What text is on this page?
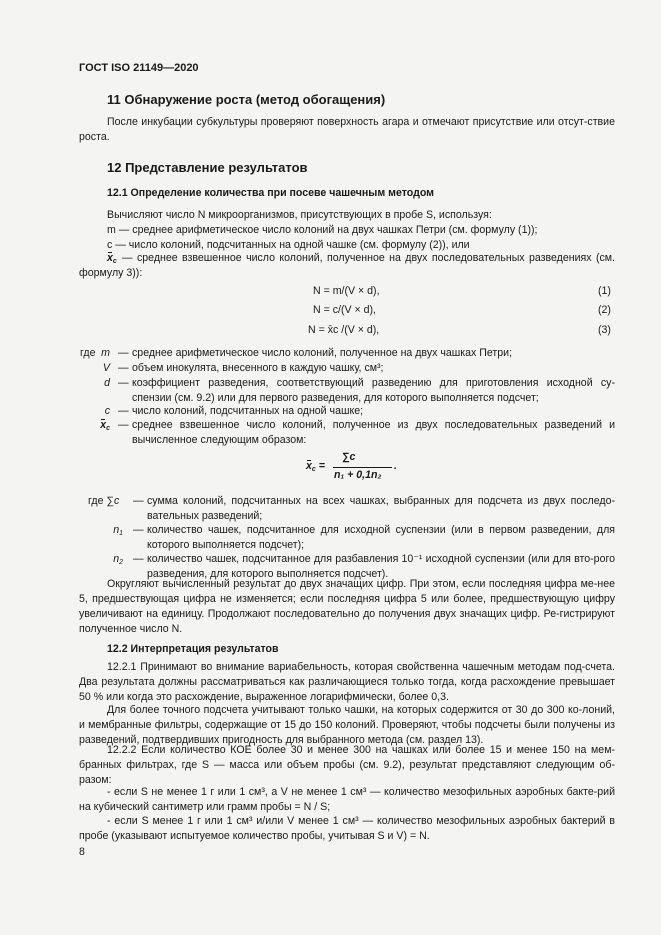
ГОСТ ISO 21149—2020
11 Обнаружение роста (метод обогащения)
После инкубации субкультуры проверяют поверхность агара и отмечают присутствие или отсут-ствие роста.
12 Представление результатов
12.1 Определение количества при посеве чашечным методом
Вычисляют число N микроорганизмов, присутствующих в пробе S, используя:
m — среднее арифметическое число колоний на двух чашках Петри (см. формулу (1));
c — число колоний, подсчитанных на одной чашке (см. формулу (2)), или
$x_c$ — среднее взвешенное число колоний, полученное на двух последовательных разведениях (см. формулу 3)):
N = m/(V × d),	(1)
N = c/(V × d),	(2)
N = x̄c /(V × d),	(3)
где m — среднее арифметическое число колоний, полученное на двух чашках Петри;
V — объем инокулята, внесенного в каждую чашку, см³;
d — коэффициент разведения, соответствующий разведению для приготовления исходной су-спензии (см. 9.2) или для первого разведения, для которого выполняется подсчет;
c — число колоний, подсчитанных на одной чашке;
$x_c$ — среднее взвешенное число колоний, полученное из двух последовательных разведений и вычисленное следующим образом:
$x_c$ =
∑c
n₁ + 0,1n₂
.
где ∑c — сумма колоний, подсчитанных на всех чашках, выбранных для подсчета из двух последо-вательных разведений;
$n_1$ — количество чашек, подсчитанное для исходной суспензии (или в первом разведении, для которого выполняется подсчет);
$n_2$ — количество чашек, подсчитанное для разбавления 10⁻¹ исходной суспензии (или для вто-рого разведения, для которого выполняется подсчет).
Округляют вычисленный результат до двух значащих цифр. При этом, если последняя цифра ме-нее 5, предшествующая цифра не изменяется; если последняя цифра 5 или более, предшествующую цифру увеличивают на единицу. Продолжают последовательно до получения двух значащих цифр. Ре-гистрируют полученное число N.
12.2 Интерпретация результатов
12.2.1 Принимают во внимание вариабельность, которая свойственна чашечным методам под-счета. Два результата должны рассматриваться как различающиеся только тогда, когда расхождение превышает 50 % или когда это расхождение, выраженное логарифмически, более 0,3.
Для более точного подсчета учитывают только чашки, на которых содержится от 30 до 300 ко-лоний, и мембранные фильтры, содержащие от 15 до 150 колоний. Проверяют, чтобы подсчеты были получены из разведений, подтвердивших пригодность для выбранного метода (см. раздел 13).
12.2.2 Если количество КОЕ более 30 и менее 300 на чашках или более 15 и менее 150 на мем-бранных фильтрах, где S — масса или объем пробы (см. 9.2), результат представляют следующим об-разом:
- если S не менее 1 г или 1 см³, а V не менее 1 см³ — количество мезофильных аэробных бакте-рий на кубический сантиметр или грамм пробы = N / S;
- если S менее 1 г или 1 см³ и/или V менее 1 см³ — количество мезофильных аэробных бактерий в пробе (указывают испытуемое количество пробы, учитывая S и V) = N.
8
